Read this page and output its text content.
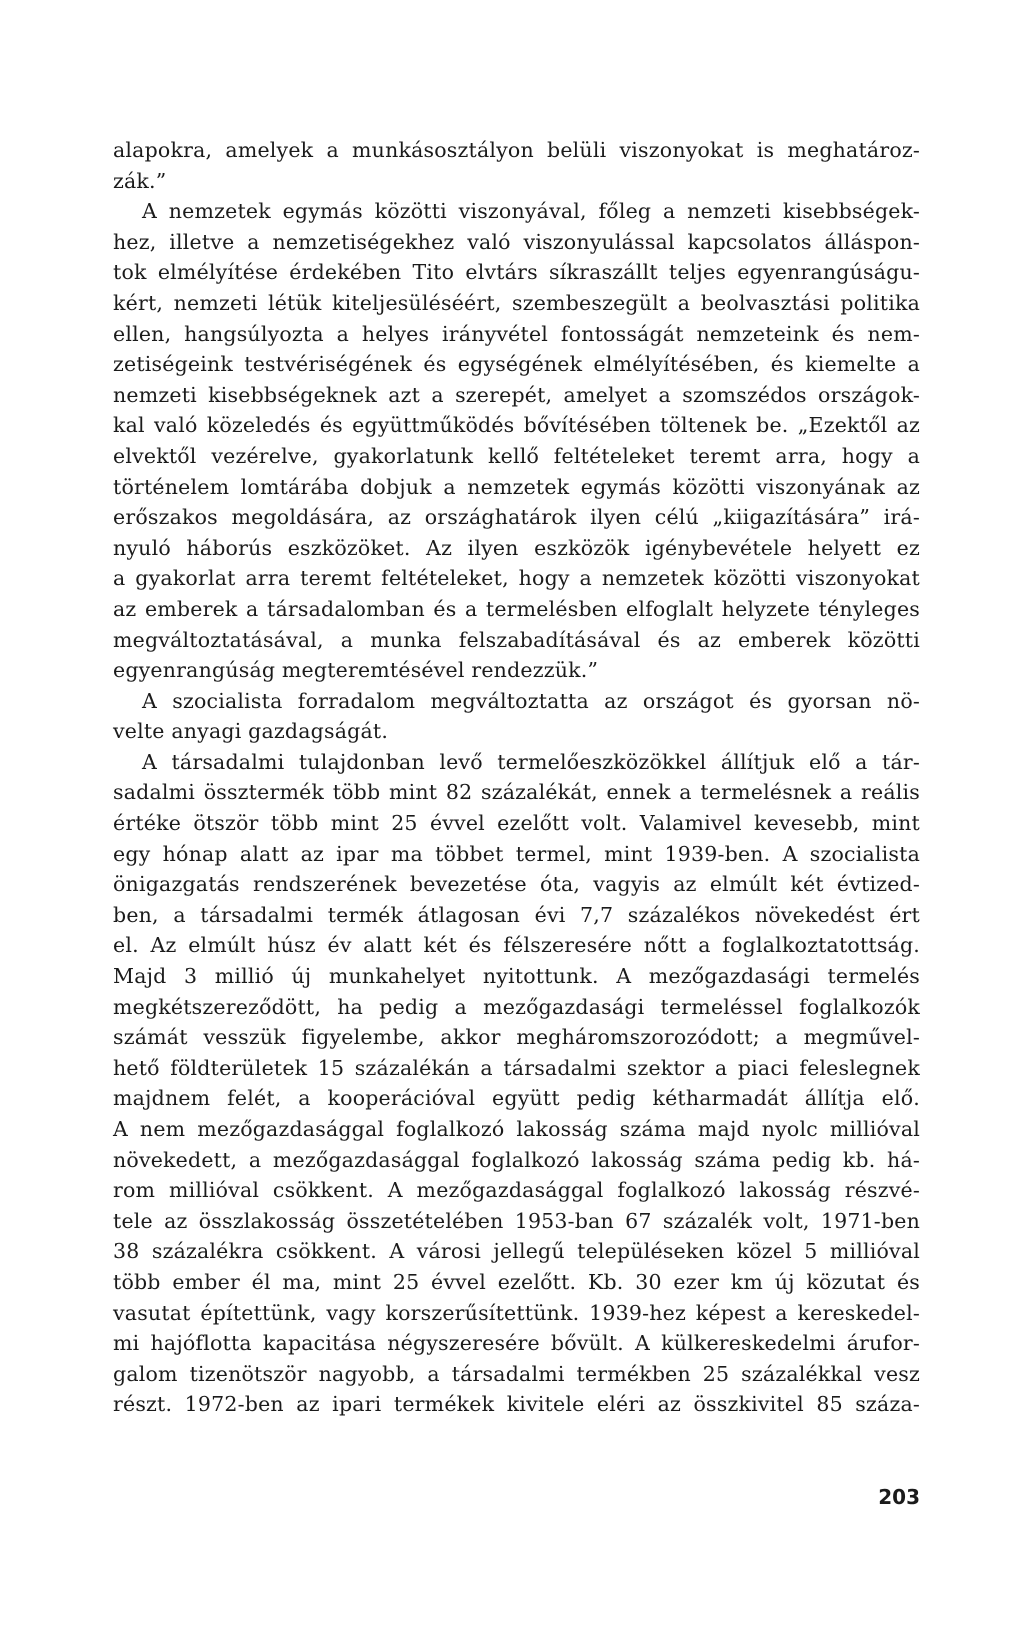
alapokra, amelyek a munkásosztályon belüli viszonyokat is meghatároz-
zák.”
A nemzetek egymás közötti viszonyával, főleg a nemzeti kisebbségek-
hez, illetve a nemzetiségekhez való viszonyulással kapcsolatos álláspon-
tok elmélyítése érdekében Tito elvtárs síkraszállt teljes egyenrangúságu-
kért, nemzeti létük kiteljesüléséért, szembeszegült a beolvasztási politika
ellen, hangsúlyozta a helyes irányvétel fontosságát nemzeteink és nem-
zetiségeink testvériségének és egységének elmélyítésében, és kiemelte a
nemzeti kisebbségeknek azt a szerepét, amelyet a szomszédos országok-
kal való közeledés és együttműködés bővítésében töltenek be. „Ezektől az
elvektől vezérelve, gyakorlatunk kellő feltételeket teremt arra, hogy a
történelem lomtárába dobjuk a nemzetek egymás közötti viszonyának az
erőszakos megoldására, az országhatárok ilyen célú „kiigazítására” irá-
nyuló háborús eszközöket. Az ilyen eszközök igénybevétele helyett ez
a gyakorlat arra teremt feltételeket, hogy a nemzetek közötti viszonyokat
az emberek a társadalomban és a termelésben elfoglalt helyzete tényleges
megváltoztatásával, a munka felszabadításával és az emberek közötti
egyenrangúság megteremtésével rendezzük.”
A szocialista forradalom megváltoztatta az országot és gyorsan nö-
velte anyagi gazdagságát.
A társadalmi tulajdonban levő termelőeszközökkel állítjuk elő a tár-
sadalmi össztermék több mint 82 százalékát, ennek a termelésnek a reális
értéke ötször több mint 25 évvel ezelőtt volt. Valamivel kevesebb, mint
egy hónap alatt az ipar ma többet termel, mint 1939-ben. A szocialista
önigazgatás rendszerének bevezetése óta, vagyis az elmúlt két évtized-
ben, a társadalmi termék átlagosan évi 7,7 százalékos növekedést ért
el. Az elmúlt húsz év alatt két és félszeresére nőtt a foglalkoztatottság.
Majd 3 millió új munkahelyet nyitottunk. A mezőgazdasági termelés
megkétszereződött, ha pedig a mezőgazdasági termeléssel foglalkozók
számát vesszük figyelembe, akkor megháromszorozódott; a megművel-
hető földterületek 15 százalékán a társadalmi szektor a piaci feleslegnek
majdnem felét, a kooperációval együtt pedig kétharmadát állítja elő.
A nem mezőgazdasággal foglalkozó lakosság száma majd nyolc millióval
növekedett, a mezőgazdasággal foglalkozó lakosság száma pedig kb. há-
rom millióval csökkent. A mezőgazdasággal foglalkozó lakosság részvé-
tele az összlakosság összetételében 1953-ban 67 százalék volt, 1971-ben
38 százalékra csökkent. A városi jellegű településeken közel 5 millióval
több ember él ma, mint 25 évvel ezelőtt. Kb. 30 ezer km új közutat és
vasutat építettünk, vagy korszerűsítettünk. 1939-hez képest a kereskedel-
mi hajóflotta kapacitása négyszeresére bővült. A külkereskedelmi árufor-
galom tizenötször nagyobb, a társadalmi termékben 25 százalékkal vesz
részt. 1972-ben az ipari termékek kivitele eléri az összkivitel 85 száza-
203
